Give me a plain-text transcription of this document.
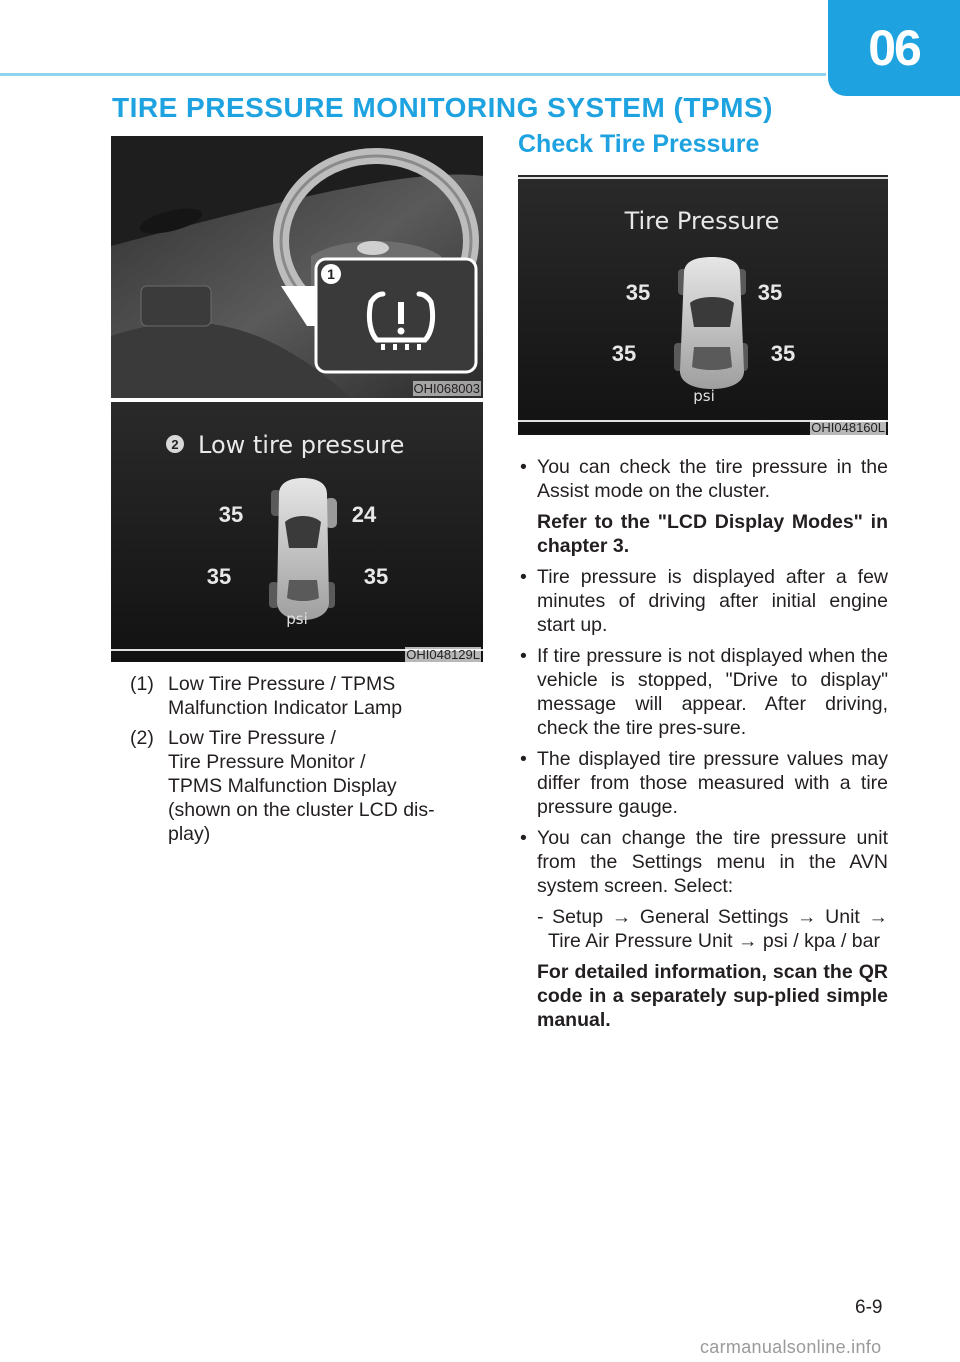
06
TIRE PRESSURE MONITORING SYSTEM (TPMS)
1
OHI068003
2 Low tire pressure
35	24
35	35
psi
OHI048129L
(1) Low Tire Pressure / TPMS
Malfunction Indicator Lamp
(2) Low Tire Pressure /
Tire Pressure Monitor /
TPMS Malfunction Display
(shown on the cluster LCD dis-
play)
Check Tire Pressure
Tire Pressure
35	35
35	35
psi
OHI048160L
• You can check the tire pressure in the Assist mode on the cluster.
Refer to the "LCD Display Modes" in chapter 3.
• Tire pressure is displayed after a few minutes of driving after initial engine start up.
• If tire pressure is not displayed when the vehicle is stopped, "Drive to display" message will appear. After driving, check the tire pres-sure.
• The displayed tire pressure values may differ from those measured with a tire pressure gauge.
• You can change the tire pressure unit from the Settings menu in the AVN system screen. Select:
- Setup → General Settings → Unit → Tire Air Pressure Unit → psi / kpa / bar
For detailed information, scan the QR code in a separately sup-plied simple manual.
6-9
carmanualsonline.info
